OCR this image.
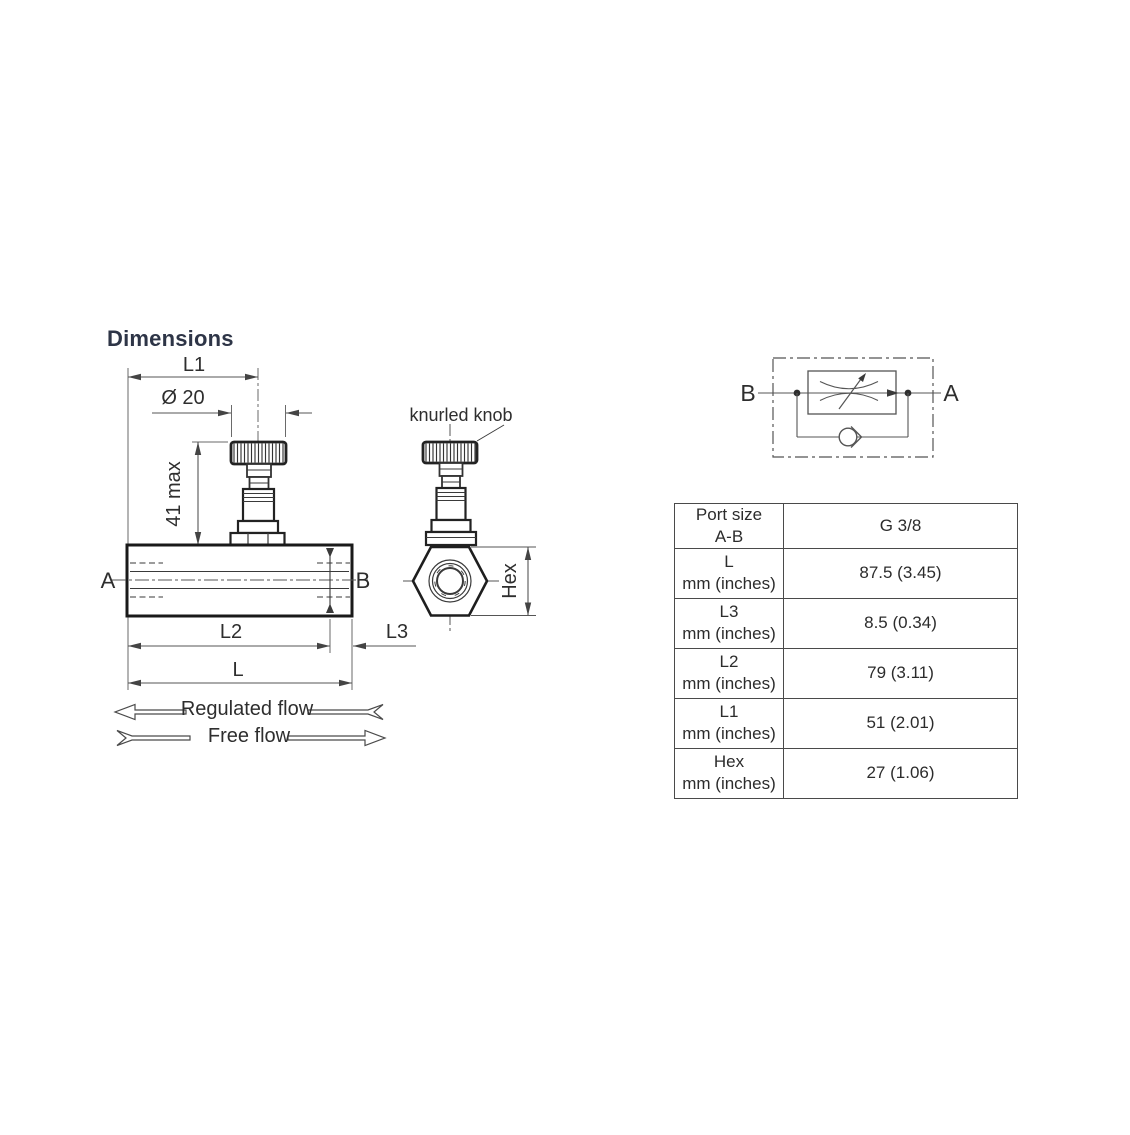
Dimensions
L1
Ø 20
41 max
A	B
L2	L3
L
Hex
knurled knob
Regulated flow
Free flow
B	A
Port size
A-B	G 3/8

L
mm (inches)	87.5 (3.45)

L3
mm (inches)	8.5 (0.34)

L2
mm (inches)	79 (3.11)

L1
mm (inches)	51 (2.01)

Hex
mm (inches)	27 (1.06)
